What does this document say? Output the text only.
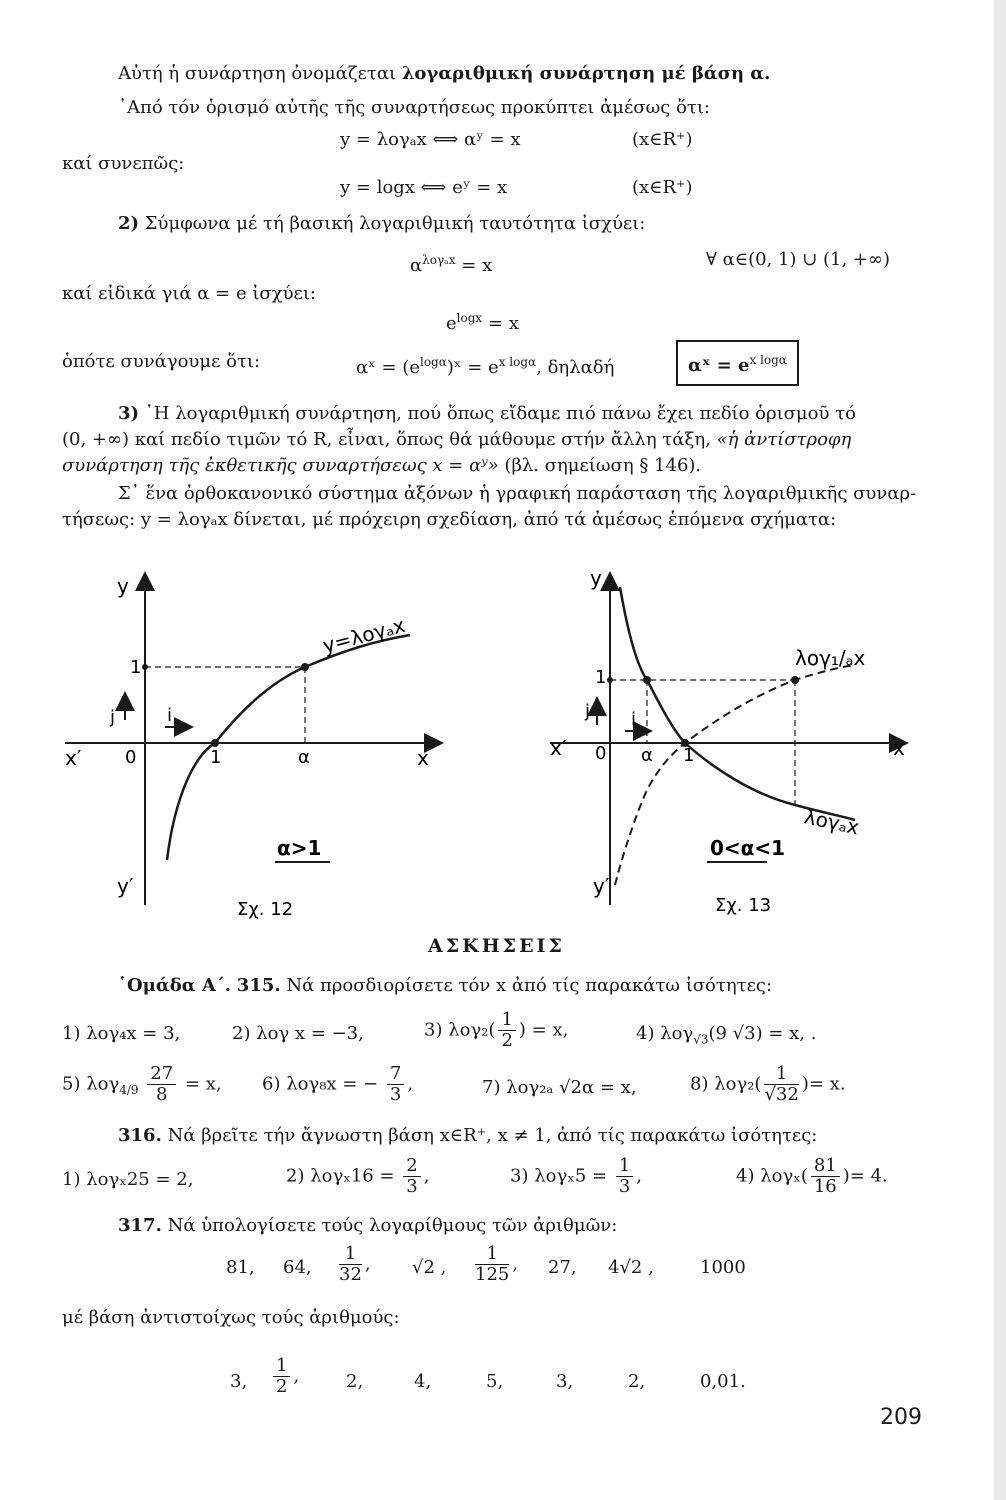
Αὐτή ἡ συνάρτηση ὀνομάζεται λογαριθμική συνάρτηση μέ βάση α.
᾿Από τόν ὁρισμό αὐτῆς τῆς συναρτήσεως προκύπτει ἀμέσως ὅτι:
y = λογₐx ⟺ αʸ = x	(x∈R⁺)
καί συνεπῶς:
y = logx ⟺ eʸ = x	(x∈R⁺)
2) Σύμφωνα μέ τή βασική λογαριθμική ταυτότητα ἰσχύει:
$\alpha^{\lambda o\gamma_ax} = x$	∀ α∈(0, 1) ∪ (1, +∞)
καί εἰδικά γιά α = e ἰσχύει:
$e^{logx} = x$
ὁπότε συνάγουμε ὅτι:	αˣ = $(e^{log\alpha})ˣ = e^{x log\alpha}$, δηλαδή	αˣ = $e^{x log\alpha}$
3) ῾Η λογαριθμική συνάρτηση, πού ὅπως εἴδαμε πιό πάνω ἔχει πεδίο ὁρισμοῦ τό
(0, +∞) καί πεδίο τιμῶν τό R, εἶναι, ὅπως θά μάθουμε στήν ἄλλη τάξη, «ἡ ἀντίστροφη
συνάρτηση τῆς ἐκθετικῆς συναρτήσεως x = αʸ» (βλ. σημείωση § 146).
Σ᾿ ἕνα ὀρθοκανονικό σύστημα ἀξόνων ἡ γραφική παράσταση τῆς λογαριθμικῆς συναρ-
τήσεως: y = λογₐx δίνεται, μέ πρόχειρη σχεδίαση, ἀπό τά ἀμέσως ἑπόμενα σχήματα:
y
y′
x
x′ 0	1
1
α
j	i
y=λογₐx
α>1
Σχ. 12
y
y′
x
x′ 0	1
1
α
j i
λογ₁/ₐx
λογₐx
0<α<1
Σχ. 13
ΑΣΚΗΣΕΙΣ
῾Ομάδα Α΄. 315. Νά προσδιορίσετε τόν x ἀπό τίς παρακάτω ἰσότητες:
1) λογ₄x = 3,	2) λογ x = −3,	3) $\lambda o\gamma_2( \frac{1}{2}$ ) = x,	4) λογ$_{√3}$(9 √3) = x, .
5) $\lambda o\gamma_{4/9} \frac{27}{8} = x$, 6) λογ₈x = − $\frac{7}{3}$ ,	7) λογ₂ₐ √2α = x,	8) $\lambda o\gamma_2( \frac{1}{√32}$ )= x.
316. Νά βρεῖτε τήν ἄγνωστη βάση x∈R⁺, x ≠ 1, ἀπό τίς παρακάτω ἰσότητες:
1) λογₓ25 = 2,	2) $\lambda o\gamma_x16 = \frac{2}{3}$ ,	3) $\lambda o\gamma_x5 = \frac{1}{3}$ ,	4) $\lambda o\gamma_x( \frac{81}{16}$ )= 4.
317. Νά ὑπολογίσετε τούς λογαρίθμους τῶν ἀριθμῶν:
81, 64, $\frac{1}{32}$ , √2 , $\frac{1}{125}$ , 27, 4√2 ,	1000
μέ βάση ἀντιστοίχως τούς ἀριθμούς:
3, $\frac{1}{2}$ ,	2,	4,	5,	3,	2,	0,01.
209
